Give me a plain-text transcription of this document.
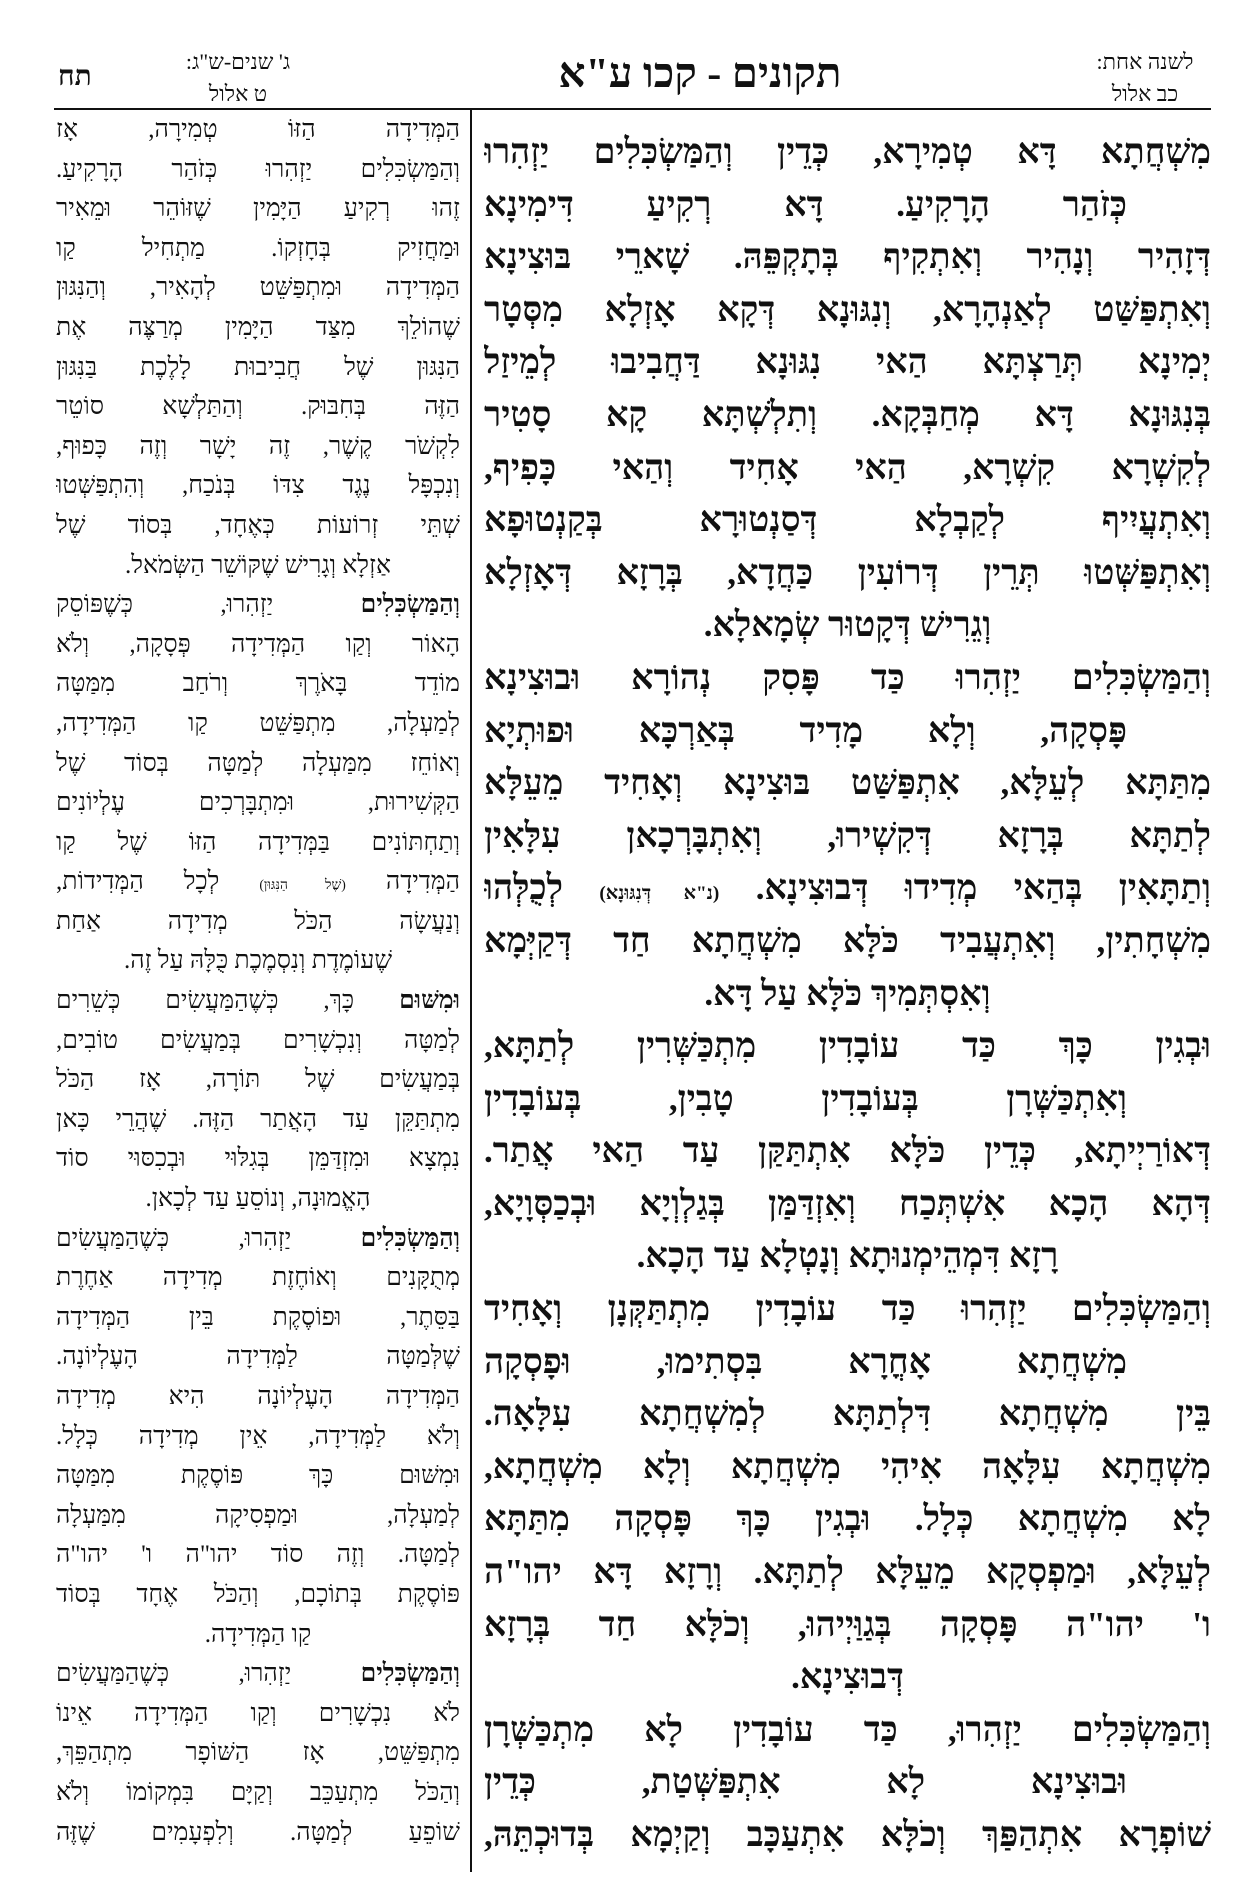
תח	ג' שנים-ש"ג:
ט אלול	תקונים - קכו ע"א	לשנה אחת:
כב אלול
מִשְׁחֲתָא דָּא טְמִירָא, כְּדֵין וְהַמַּשְׂכִּלִים יַזְהִרוּ
כְּזֹהַר הָרָקִיעַ. דָּא רְקִיעַ דִּימִינָא
דְּזָהִיר וְנָהִיר וְאִתְקִיף בְּתָקְפֵּהּ. שָׁארֵי בּוּצִינָא
וְאִתְפַּשַּׁט לְאַנְהָרָא, וְנִגּוּנָא דְּקָא אָזְלָא מִסְּטָר
יְמִינָא תְּרַצְתָּא הַאי נִגּוּנָא דַּחֲבִיבוּ לְמֵיזַל
בְּנִגּוּנָא דָּא מְחַבְּקָא. וְתִלְשְׁתָּא קָא סָטִיר
לְקִשְׁרָא קִשְׁרָא, הַאי אָחִיד וְהַאי כָּפִיף,
וְאִתְעֲיִיף לְקַבְלָא דְּסַנְטוּרָא בְּקַנְטוּפָא
וְאִתְפַּשְּׁטוּ תְּרֵין דְּרוֹעִין כַּחֲדָא, בְּרָזָא דְּאָזְלָא
וְגֵרִישׁ דְּקָטוּר שְׂמָאלָא.
וְהַמַּשְׂכִּלִים יַזְהִרוּ כַּד פָּסִק נְהוֹרָא וּבוּצִינָא
פָּסְקָה, וְלָא מָדִיד בְּאַרְכָּא וּפוּתְיָא
מִתַּתָּא לְעֵלָּא, אִתְפַּשַּׁט בּוּצִינָא וְאָחִיד מֵעֵלָּא
לְתַתָּא בְּרָזָא דְּקִשְׁירוּ, וְאִתְבָּרְכָאן עִלָּאִין
וְתַתָּאִין בְּהַאי מְדִידוּ דְּבוּצִינָא. (נ"א דְּנִגּוּנָא) לְכֻלְּהוּ
מִשְׁחָתִין, וְאִתְעֲבִיד כֹּלָּא מִשְׁחֲתָא חַד דְּקַיְּמָא
וְאִסְתְּמִיךְ כֹּלָּא עַל דָּא.
וּבְגִין כָּךְ כַּד עוֹבָדִין מִתְכַּשְּׁרִין לְתַתָּא,
וְאִתְכַּשְּׁרָן בְּעוֹבָדִין טָבִין, בְּעוֹבָדִין
דְּאוֹרַיְיתָא, כְּדֵין כֹּלָּא אִתְתַּקַּן עַד הַאי אֲתַר.
דְּהָא הָכָא אִשְׁתְּכַח וְאִזְדַּמַּן בְּגַלְוְיָא וּבְכַסְּוָיָא,
רָזָא דִּמְהֵימְנוּתָא וְנָטְלָא עַד הָכָא.
וְהַמַּשְׂכִּלִים יַזְהִרוּ כַּד עוֹבָדִין מִתְתַּקְּנָן וְאָחִיד
מִשְׁחֲתָא אָחֳרָא בִּסְתִימוּ, וּפָסְקָה
בֵּין מִשְׁחֲתָא דִּלְתַתָּא לְמִשְׁחֲתָא עִלָּאָה.
מִשְׁחֲתָא עִלָּאָה אִיהִי מִשְׁחֲתָא וְלָא מִשְׁחֲתָא,
לָא מִשְׁחֲתָא כְּלָל. וּבְגִין כָּךְ פָּסְקָה מִתַּתָּא
לְעֵלָּא, וּמַפְסְקָא מֵעֵלָּא לְתַתָּא. וְרָזָא דָּא יהו"ה
ו' יהו"ה פָּסְקָה בְּגַוַּיְיהוּ, וְכֹלָּא חַד בְּרָזָא
דְּבוּצִינָא.
וְהַמַּשְׂכִּלִים יַזְהִרוּ, כַּד עוֹבָדִין לָא מִתְכַּשְּׁרָן
וּבוּצִינָא לָא אִתְפַּשְּׁטַת, כְּדֵין
שׁוֹפְרָא אִתְהַפַּךְ וְכֹלָּא אִתְעַכָּב וְקַיְמָא בְּדוּכְתֵּהּ,
הַמְּדִידָה הַזּוֹ טְמִירָה, אָז
וְהַמַּשְׂכִּלִים יַזְהִרוּ כְּזֹהַר הָרָקִיעַ.
זֶהוּ רְקִיעַ הַיָּמִין שֶׁזּוֹהֵר וּמֵאִיר
וּמַחֲזִיק בְּחָזְקוֹ. מַתְחִיל קַו
הַמְּדִידָה וּמִתְפַּשֵּׁט לְהָאִיר, וְהַנִּגּוּן
שֶׁהוֹלֵךְ מִצַּד הַיָּמִין מְרַצֶּה אֶת
הַנִּגּוּן שֶׁל חֲבִיבוּת לָלֶכֶת בַּנִּגּוּן
הַזֶּה בְּחִבּוּק. וְהַתַּלְשָׁא סוֹטֵר
לִקְשֹׁר קֶשֶׁר, זֶה יָשָׁר וְזֶה כָּפוּף,
וְנִכְפָּל נֶגֶד צִדּוֹ בְּנֹכַח, וְהִתְפַּשְּׁטוּ
שְׁתֵּי זְרוֹעוֹת כְּאֶחָד, בְּסוֹד שֶׁל
אַזְלָא וְגָרִישׁ שֶׁקּוֹשֵׁר הַשְּׂמֹאל.
וְהַמַּשְׂכִּלִים יַזְהִרוּ, כְּשֶׁפּוֹסֵק
הָאוֹר וְקַו הַמְּדִידָה פְּסָקָה, וְלֹא
מוֹדֵד בָּאֹרֶךְ וְרֹחַב מִמַּטָּה
לְמַעְלָה, מִתְפַּשֵּׁט קַו הַמְּדִידָה,
וְאוֹחֵז מִמַּעְלָה לְמַטָּה בְּסוֹד שֶׁל
הַקְּשִׁירוּת, וּמִתְבָּרְכִים עֶלְיוֹנִים
וְתַחְתּוֹנִים בַּמְּדִידָה הַזּוֹ שֶׁל קַו
הַמְּדִידָה (שֶׁל הַנִּגּוּן) לְכָל הַמְּדִידוֹת,
וְנַעֲשָׂה הַכֹּל מְדִידָה אַחַת
שֶׁעוֹמֶדֶת וְנִסְמֶכֶת כֻּלָּהּ עַל זֶה.
וּמִשּׁוּם כָּךְ, כְּשֶׁהַמַּעֲשִׂים כְּשֵׁרִים
לְמַטָּה וְנִכְשָׁרִים בְּמַעֲשִׂים טוֹבִים,
בְּמַעֲשִׂים שֶׁל תּוֹרָה, אָז הַכֹּל
מִתְתַּקֵּן עַד הָאֲתַר הַזֶּה. שֶׁהֲרֵי כָּאן
נִמְצָא וּמִזְדַּמֵּן בְּגִלּוּי וּבְכִסּוּי סוֹד
הָאֱמוּנָה, וְנוֹסֵעַ עַד לְכָאן.
וְהַמַּשְׂכִּלִים יַזְהִרוּ, כְּשֶׁהַמַּעֲשִׂים
מְתֻקָּנִים וְאוֹחֶזֶת מְדִידָה אַחֶרֶת
בַּסֵּתֶר, וּפוֹסֶקֶת בֵּין הַמְּדִידָה
שֶׁלְּמַטָּה לַמְּדִידָה הָעֶלְיוֹנָה.
הַמְּדִידָה הָעֶלְיוֹנָה הִיא מְדִידָה
וְלֹא לַמְּדִידָה, אֵין מְדִידָה כְּלָל.
וּמִשּׁוּם כָּךְ פּוֹסֶקֶת מִמַּטָּה
לְמַעְלָה, וּמַפְסִיקָה מִמַּעְלָה
לְמַטָּה. וְזֶה סוֹד יהו"ה ו' יהו"ה
פּוֹסֶקֶת בְּתוֹכָם, וְהַכֹּל אֶחָד בְּסוֹד
קַו הַמְּדִידָה.
וְהַמַּשְׂכִּלִים יַזְהִרוּ, כְּשֶׁהַמַּעֲשִׂים
לֹא נִכְשָׁרִים וְקַו הַמְּדִידָה אֵינוֹ
מִתְפַּשֵּׁט, אָז הַשּׁוֹפָר מִתְהַפֵּךְ,
וְהַכֹּל מִתְעַכֵּב וְקַיָּם בִּמְקוֹמוֹ וְלֹא
שׁוֹפֵעַ לְמַטָּה. וְלִפְעָמִים שֶׁזֶּה
